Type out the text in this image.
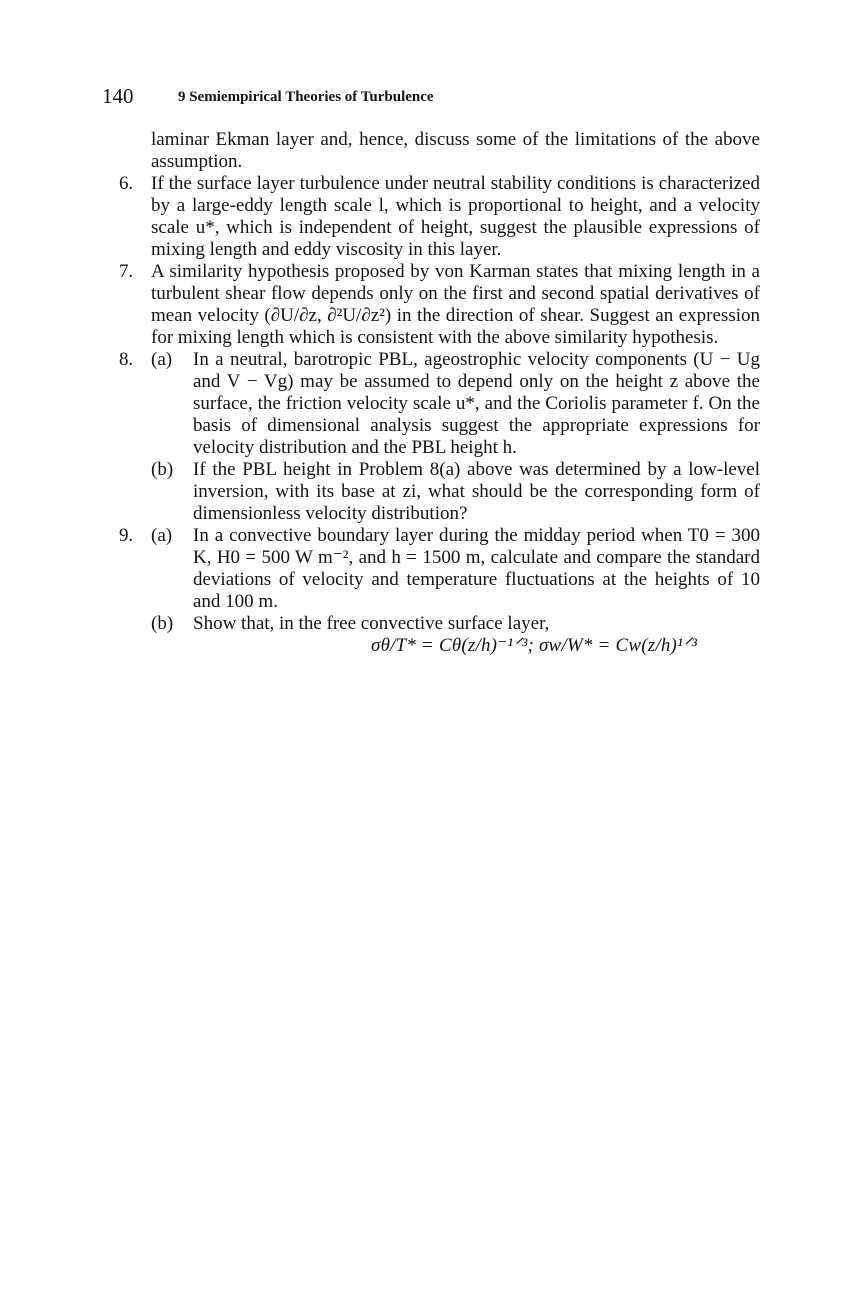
140	9 Semiempirical Theories of Turbulence

laminar Ekman layer and, hence, discuss some of the limitations of the above assumption.

6. If the surface layer turbulence under neutral stability conditions is characterized by a large-eddy length scale l, which is proportional to height, and a velocity scale u*, which is independent of height, suggest the plausible expressions of mixing length and eddy viscosity in this layer.
7. A similarity hypothesis proposed by von Karman states that mixing length in a turbulent shear flow depends only on the first and second spatial derivatives of mean velocity (∂U/∂z, ∂²U/∂z²) in the direction of shear. Suggest an expression for mixing length which is consistent with the above similarity hypothesis.
8. (a) In a neutral, barotropic PBL, ageostrophic velocity components (U − Ug and V − Vg) may be assumed to depend only on the height z above the surface, the friction velocity scale u*, and the Coriolis parameter f. On the basis of dimensional analysis suggest the appropriate expressions for velocity distribution and the PBL height h.
(b) If the PBL height in Problem 8(a) above was determined by a low-level inversion, with its base at zi, what should be the corresponding form of dimensionless velocity distribution?
9. (a) In a convective boundary layer during the midday period when T0 = 300 K, H0 = 500 W m⁻², and h = 1500 m, calculate and compare the standard deviations of velocity and temperature fluctuations at the heights of 10 and 100 m.
(b) Show that, in the free convective surface layer,
σθ/T* = Cθ(z/h)⁻¹ᐟ³; σw/W* = Cw(z/h)¹ᐟ³
